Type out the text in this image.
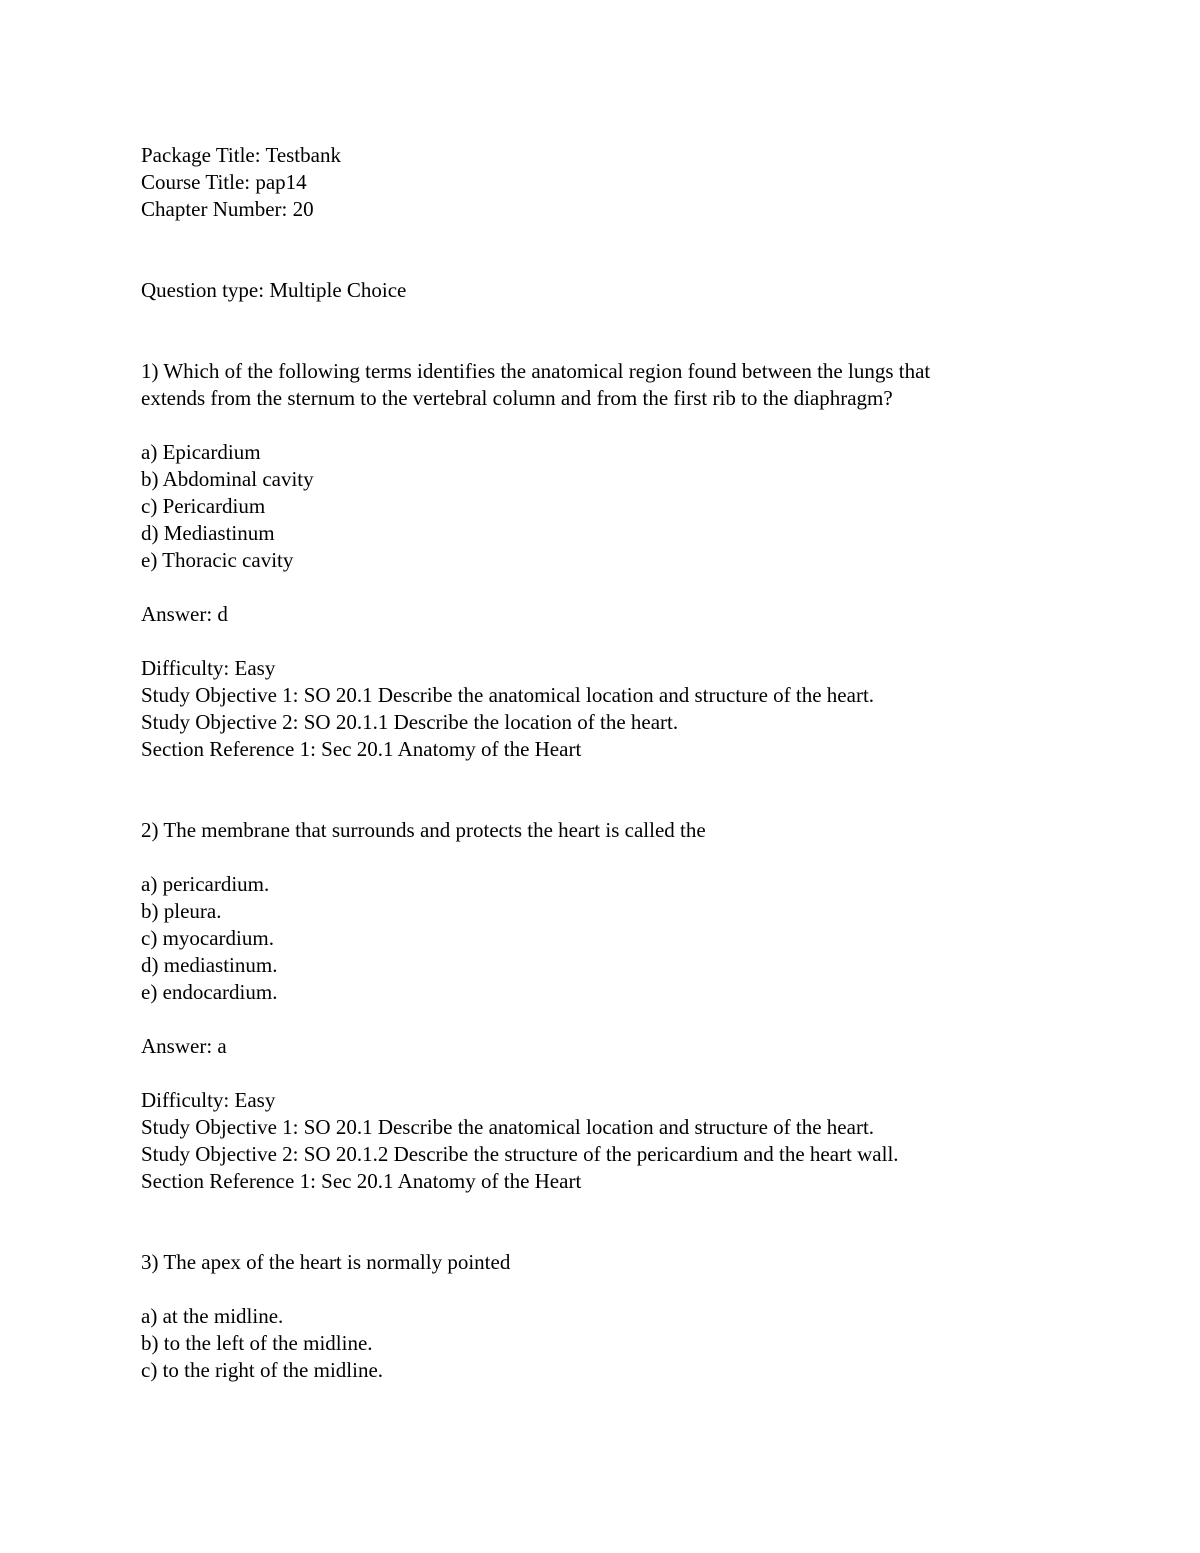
Package Title: Testbank
Course Title: pap14
Chapter Number: 20
Question type: Multiple Choice
1) Which of the following terms identifies the anatomical region found between the lungs that
extends from the sternum to the vertebral column and from the first rib to the diaphragm?
a) Epicardium
b) Abdominal cavity
c) Pericardium
d) Mediastinum
e) Thoracic cavity
Answer: d
Difficulty: Easy
Study Objective 1: SO 20.1 Describe the anatomical location and structure of the heart.
Study Objective 2: SO 20.1.1 Describe the location of the heart.
Section Reference 1: Sec 20.1 Anatomy of the Heart
2) The membrane that surrounds and protects the heart is called the
a) pericardium.
b) pleura.
c) myocardium.
d) mediastinum.
e) endocardium.
Answer: a
Difficulty: Easy
Study Objective 1: SO 20.1 Describe the anatomical location and structure of the heart.
Study Objective 2: SO 20.1.2 Describe the structure of the pericardium and the heart wall.
Section Reference 1: Sec 20.1 Anatomy of the Heart
3) The apex of the heart is normally pointed
a) at the midline.
b) to the left of the midline.
c) to the right of the midline.
